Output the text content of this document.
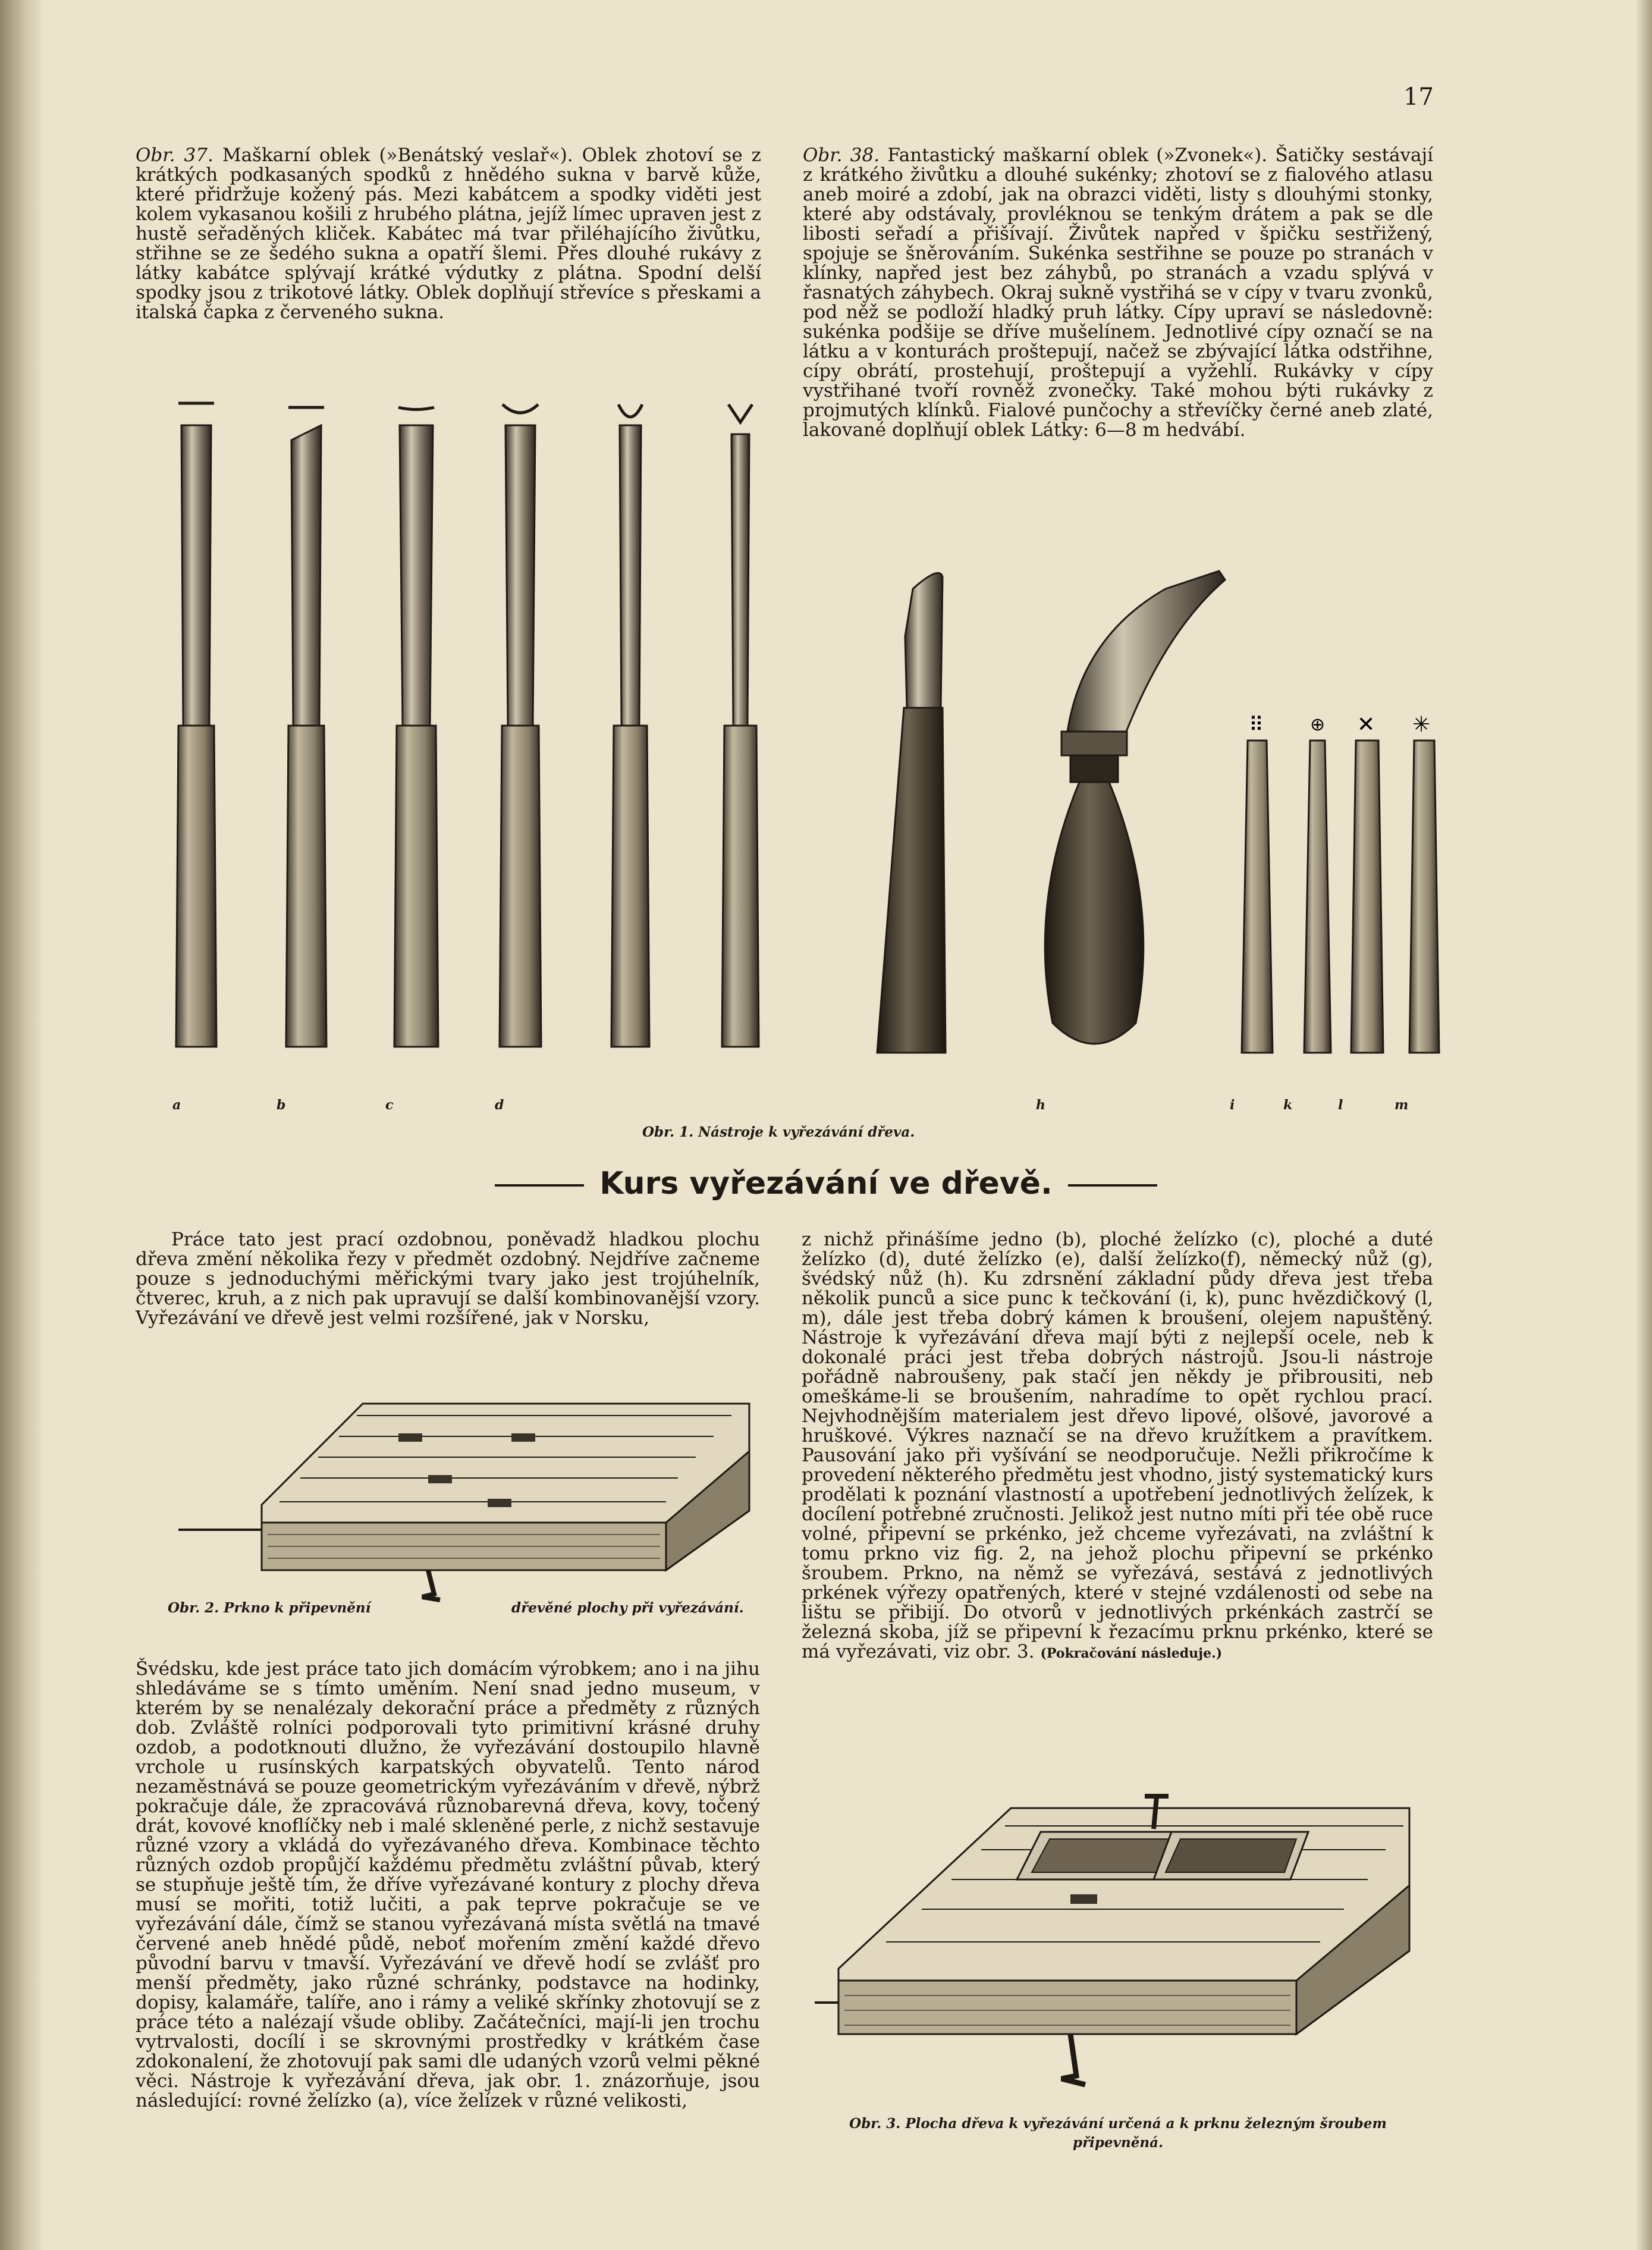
17

Obr. 37. Maškarní oblek (»Benátský veslař«). Oblek zhotoví se z krátkých podkasaných spodků z hnědého sukna v barvě kůže, které přidržuje kožený pás. Mezi kabátcem a spodky viděti jest kolem vykasanou košili z hrubého plátna, jejíž límec upraven jest z hustě seřaděných kliček. Kabátec má tvar přiléhajícího živůtku, střihne se ze šedého sukna a opatří šlemi. Přes dlouhé rukávy z látky kabátce splývají krátké výdutky z plátna. Spodní delší spodky jsou z trikotové látky. Oblek doplňují střevíce s přeskami a italská čapka z červeného sukna.

Obr. 38. Fantastický maškarní oblek (»Zvonek«). Šatičky sestávají z krátkého živůtku a dlouhé sukénky; zhotoví se z fialového atlasu aneb moiré a zdobí, jak na obrazci viděti, listy s dlouhými stonky, které aby odstávaly, provléknou se tenkým drátem a pak se dle libosti seřadí a přišívají. Živůtek napřed v špičku sestřižený, spojuje se šněrováním. Sukénka sestřihne se pouze po stranách v klínky, napřed jest bez záhybů, po stranách a vzadu splývá v řasnatých záhybech. Okraj sukně vystřihá se v cípy v tvaru zvonků, pod něž se podloží hladký pruh látky. Cípy upraví se následovně: sukénka podšije se dříve mušelínem. Jednotlivé cípy označí se na látku a v konturách proštepují, načež se zbývající látka odstřihne, cípy obrátí, prostehují, proštepují a vyžehlí. Rukávky v cípy vystřihané tvoří rovněž zvonečky. Také mohou býti rukávky z projmutých klínků. Fialové punčochy a střevíčky černé aneb zlaté, lakované doplňují oblek Látky: 6—8 m hedvábí.

⠿	⊕ ✕ ✳
a	b	c	d	h	i	k	l	m
Obr. 1. Nástroje k vyřezávání dřeva.
Kurs vyřezávání ve dřevě.

Práce tato jest prací ozdobnou, poněvadž hladkou plochu dřeva změní několika řezy v předmět ozdobný. Nejdříve začneme pouze s jednoduchými měřickými tvary jako jest trojúhelník, čtverec, kruh, a z nich pak upravují se další kombinovanější vzory. Vyřezávání ve dřevě jest velmi rozšířené, jak v Norsku,

Obr. 2. Prkno k připevnění	dřevěné plochy při vyřezávání.

Švédsku, kde jest práce tato jich domácím výrobkem; ano i na jihu shledáváme se s tímto uměním. Není snad jedno museum, v kterém by se nenalézaly dekorační práce a předměty z různých dob. Zvláště rolníci podporovali tyto primitivní krásné druhy ozdob, a podotknouti dlužno, že vyřezávání dostoupilo hlavně vrchole u rusínských karpatských obyvatelů. Tento národ nezaměstnává se pouze geometrickým vyřezáváním v dřevě, nýbrž pokračuje dále, že zpracovává různobarevná dřeva, kovy, točený drát, kovové knoflíčky neb i malé skleněné perle, z nichž sestavuje různé vzory a vkládá do vyřezávaného dřeva. Kombinace těchto různých ozdob propůjčí každému předmětu zvláštní půvab, který se stupňuje ještě tím, že dříve vyřezávané kontury z plochy dřeva musí se mořiti, totiž lučiti, a pak teprve pokračuje se ve vyřezávání dále, čímž se stanou vyřezávaná místa světlá na tmavé červené aneb hnědé půdě, neboť mořením změní každé dřevo původní barvu v tmavší. Vyřezávání ve dřevě hodí se zvlášť pro menší předměty, jako různé schránky, podstavce na hodinky, dopisy, kalamáře, talíře, ano i rámy a veliké skřínky zhotovují se z práce této a nalézají všude obliby. Začátečníci, mají-li jen trochu vytrvalosti, docílí i se skrovnými prostředky v krátkém čase zdokonalení, že zhotovují pak sami dle udaných vzorů velmi pěkné věci. Nástroje k vyřezávání dřeva, jak obr. 1. znázorňuje, jsou následující: rovné želízko (a), více želízek v různé velikosti,

z nichž přinášíme jedno (b), ploché želízko (c), ploché a duté želízko (d), duté želízko (e), další želízko(f), německý nůž (g), švédský nůž (h). Ku zdrsnění základní půdy dřeva jest třeba několik punců a sice punc k tečkování (i, k), punc hvězdičkový (l, m), dále jest třeba dobrý kámen k broušení, olejem napuštěný. Nástroje k vyřezávání dřeva mají býti z nejlepší ocele, neb k dokonalé práci jest třeba dobrých nástrojů. Jsou-li nástroje pořádně nabroušeny, pak stačí jen někdy je přibrousiti, neb omeškáme-li se broušením, nahradíme to opět rychlou prací. Nejvhodnějším materialem jest dřevo lipové, olšové, javorové a hruškové. Výkres naznačí se na dřevo kružítkem a pravítkem. Pausování jako při vyšívání se neodporučuje. Nežli přikročíme k provedení některého předmětu jest vhodno, jistý systematický kurs prodělati k poznání vlastností a upotřebení jednotlivých želízek, k docílení potřebné zručnosti. Jelikož jest nutno míti při tée obě ruce volné, připevní se prkénko, jež chceme vyřezávati, na zvláštní k tomu prkno viz fig. 2, na jehož plochu připevní se prkénko šroubem. Prkno, na němž se vyřezává, sestává z jednotlivých prkének výřezy opatřených, které v stejné vzdálenosti od sebe na lištu se přibijí. Do otvorů v jednotlivých prkénkách zastrčí se železná skoba, jíž se připevní k řezacímu prknu prkénko, které se má vyřezávati, viz obr. 3. (Pokračování následuje.)

Obr. 3. Plocha dřeva k vyřezávání určená a k prknu železným šroubem připevněná.
